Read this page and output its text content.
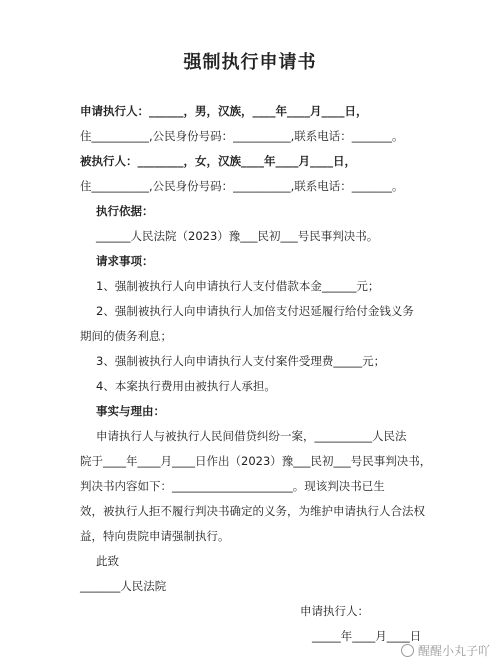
强制执行申请书
申请执行人：______，男，汉族，____年____月____日，
住__________,公民身份号码：__________,联系电话：_______。
被执行人：________，女，汉族____年____月____日，
住__________,公民身份号码：__________,联系电话：_______。
执行依据：
______人民法院（2023）豫___民初___号民事判决书。
请求事项：
1、强制被执行人向申请执行人支付借款本金______元；
2、强制被执行人向申请执行人加倍支付迟延履行给付金钱义务
期间的债务利息；
3、强制被执行人向申请执行人支付案件受理费_____元；
4、本案执行费用由被执行人承担。
事实与理由：
申请执行人与被执行人民间借贷纠纷一案，__________人民法
院于____年____月____日作出（2023）豫___民初___号民事判决书，
判决书内容如下：_____________________。现该判决书已生
效，被执行人拒不履行判决书确定的义务，为维护申请执行人合法权
益，特向贵院申请强制执行。
此致
_______人民法院
申请执行人：
_____年____月____日
醒醒小丸子吖
